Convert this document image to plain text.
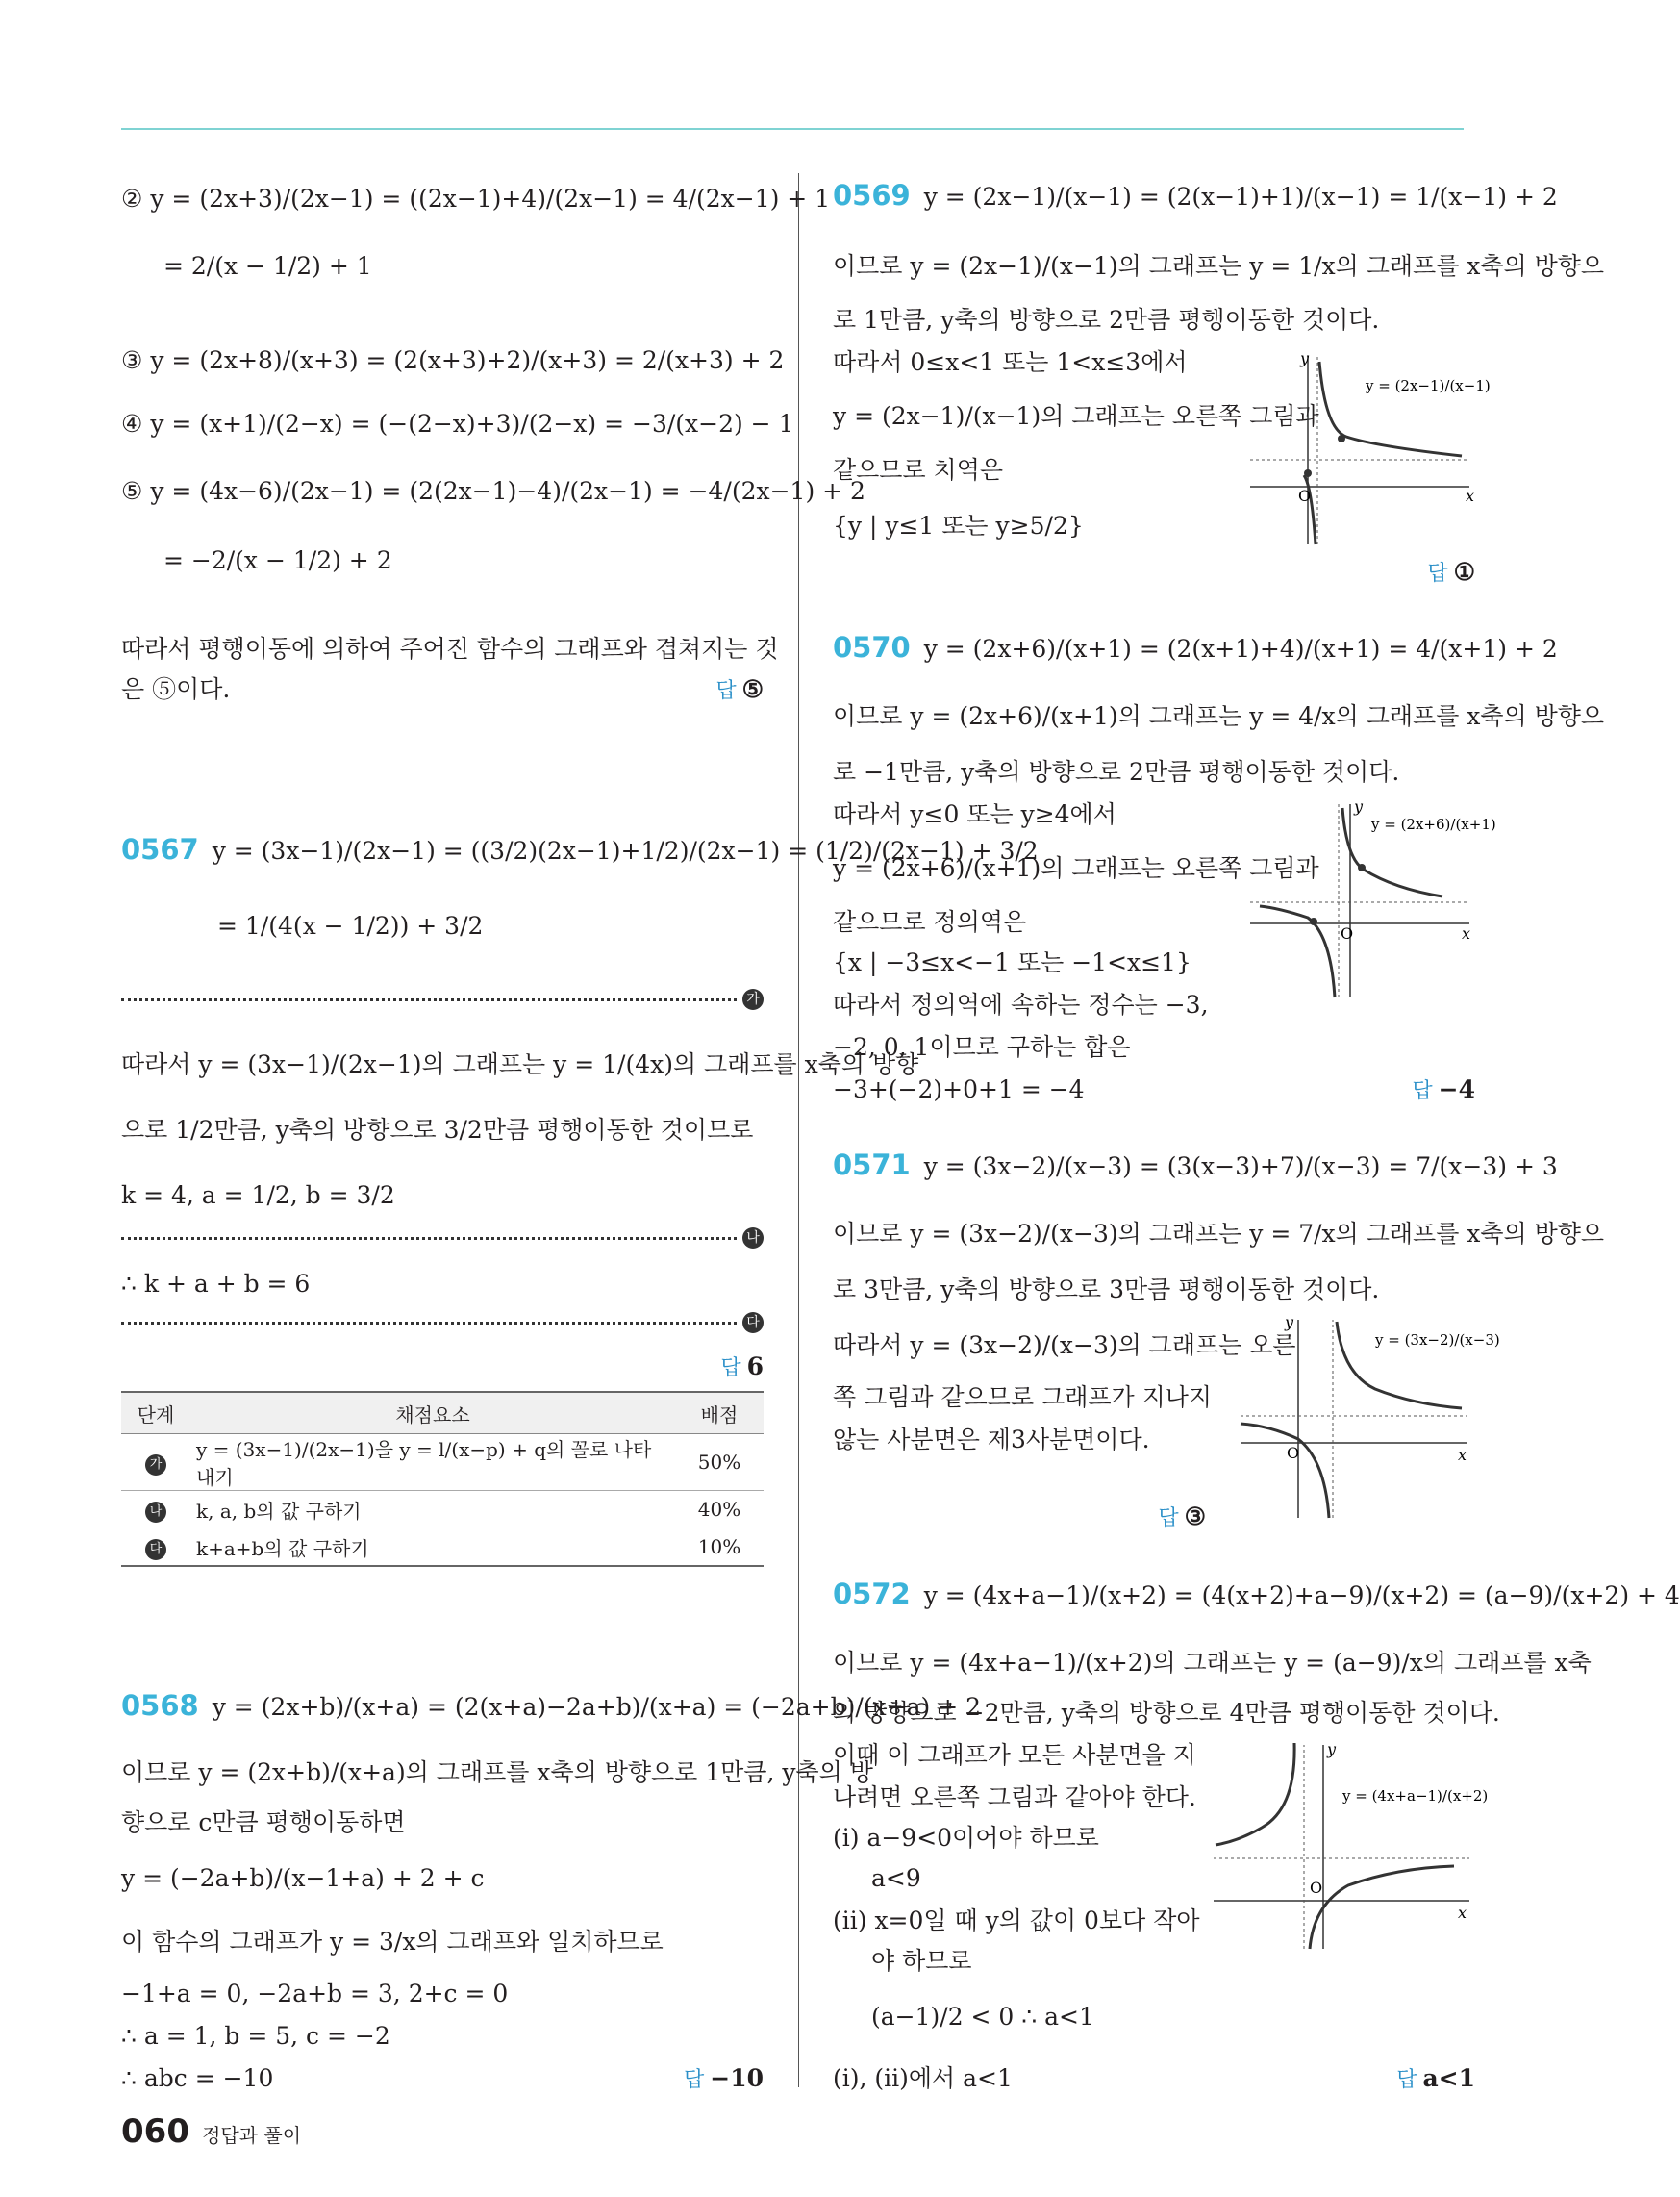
② y = (2x+3)/(2x−1) = ((2x−1)+4)/(2x−1) = 4/(2x−1) + 1
= 2/(x − 1/2) + 1
③ y = (2x+8)/(x+3) = (2(x+3)+2)/(x+3) = 2/(x+3) + 2
④ y = (x+1)/(2−x) = (−(2−x)+3)/(2−x) = −3/(x−2) − 1
⑤ y = (4x−6)/(2x−1) = (2(2x−1)−4)/(2x−1) = −4/(2x−1) + 2
= −2/(x − 1/2) + 2
따라서 평행이동에 의하여 주어진 함수의 그래프와 겹쳐지는 것
은 ⑤이다.	답 ⑤
0567 y = (3x−1)/(2x−1) = ((3/2)(2x−1)+1/2)/(2x−1) = (1/2)/(2x−1) + 3/2
= 1/(4(x − 1/2)) + 3/2
가
따라서 y = (3x−1)/(2x−1)의 그래프는 y = 1/(4x)의 그래프를 x축의 방향
으로 1/2만큼, y축의 방향으로 3/2만큼 평행이동한 것이므로
k = 4, a = 1/2, b = 3/2
나
∴ k + a + b = 6
다
답 6
단계	채점요소	배점
가	y = (3x−1)/(2x−1)을 y = l/(x−p) + q의 꼴로 나타내기	50%
나	k, a, b의 값 구하기	40%
다	k+a+b의 값 구하기	10%
0568 y = (2x+b)/(x+a) = (2(x+a)−2a+b)/(x+a) = (−2a+b)/(x+a) + 2
이므로 y = (2x+b)/(x+a)의 그래프를 x축의 방향으로 1만큼, y축의 방
향으로 c만큼 평행이동하면
y = (−2a+b)/(x−1+a) + 2 + c
이 함수의 그래프가 y = 3/x의 그래프와 일치하므로
−1+a = 0, −2a+b = 3, 2+c = 0
∴ a = 1, b = 5, c = −2
∴ abc = −10	답 −10
0569 y = (2x−1)/(x−1) = (2(x−1)+1)/(x−1) = 1/(x−1) + 2
이므로 y = (2x−1)/(x−1)의 그래프는 y = 1/x의 그래프를 x축의 방향으
로 1만큼, y축의 방향으로 2만큼 평행이동한 것이다.
따라서 0≤x<1 또는 1<x≤3에서
y = (2x−1)/(x−1)의 그래프는 오른쪽 그림과
같으므로 치역은
{y | y≤1 또는 y≥5/2}
O	x
y
y = (2x−1)/(x−1)
답 ①
0570 y = (2x+6)/(x+1) = (2(x+1)+4)/(x+1) = 4/(x+1) + 2
이므로 y = (2x+6)/(x+1)의 그래프는 y = 4/x의 그래프를 x축의 방향으
로 −1만큼, y축의 방향으로 2만큼 평행이동한 것이다.
따라서 y≤0 또는 y≥4에서
y = (2x+6)/(x+1)의 그래프는 오른쪽 그림과
같으므로 정의역은
{x | −3≤x<−1 또는 −1<x≤1}
따라서 정의역에 속하는 정수는 −3,
−2, 0, 1이므로 구하는 합은
−3+(−2)+0+1 = −4
O	x
y
y = (2x+6)/(x+1)
답 −4
0571 y = (3x−2)/(x−3) = (3(x−3)+7)/(x−3) = 7/(x−3) + 3
이므로 y = (3x−2)/(x−3)의 그래프는 y = 7/x의 그래프를 x축의 방향으
로 3만큼, y축의 방향으로 3만큼 평행이동한 것이다.
따라서 y = (3x−2)/(x−3)의 그래프는 오른
쪽 그림과 같으므로 그래프가 지나지
않는 사분면은 제3사분면이다.	O	x
y
y = (3x−2)/(x−3)
답 ③
0572 y = (4x+a−1)/(x+2) = (4(x+2)+a−9)/(x+2) = (a−9)/(x+2) + 4
이므로 y = (4x+a−1)/(x+2)의 그래프는 y = (a−9)/x의 그래프를 x축
의 방향으로 −2만큼, y축의 방향으로 4만큼 평행이동한 것이다.
이때 이 그래프가 모든 사분면을 지
나려면 오른쪽 그림과 같아야 한다.
(i) a−9<0이어야 하므로
a<9
(ii) x=0일 때 y의 값이 0보다 작아
야 하므로
(a−1)/2 < 0 ∴ a<1
(i), (ii)에서 a<1
O
x
y
y = (4x+a−1)/(x+2)
답 a<1
060 정답과 풀이
